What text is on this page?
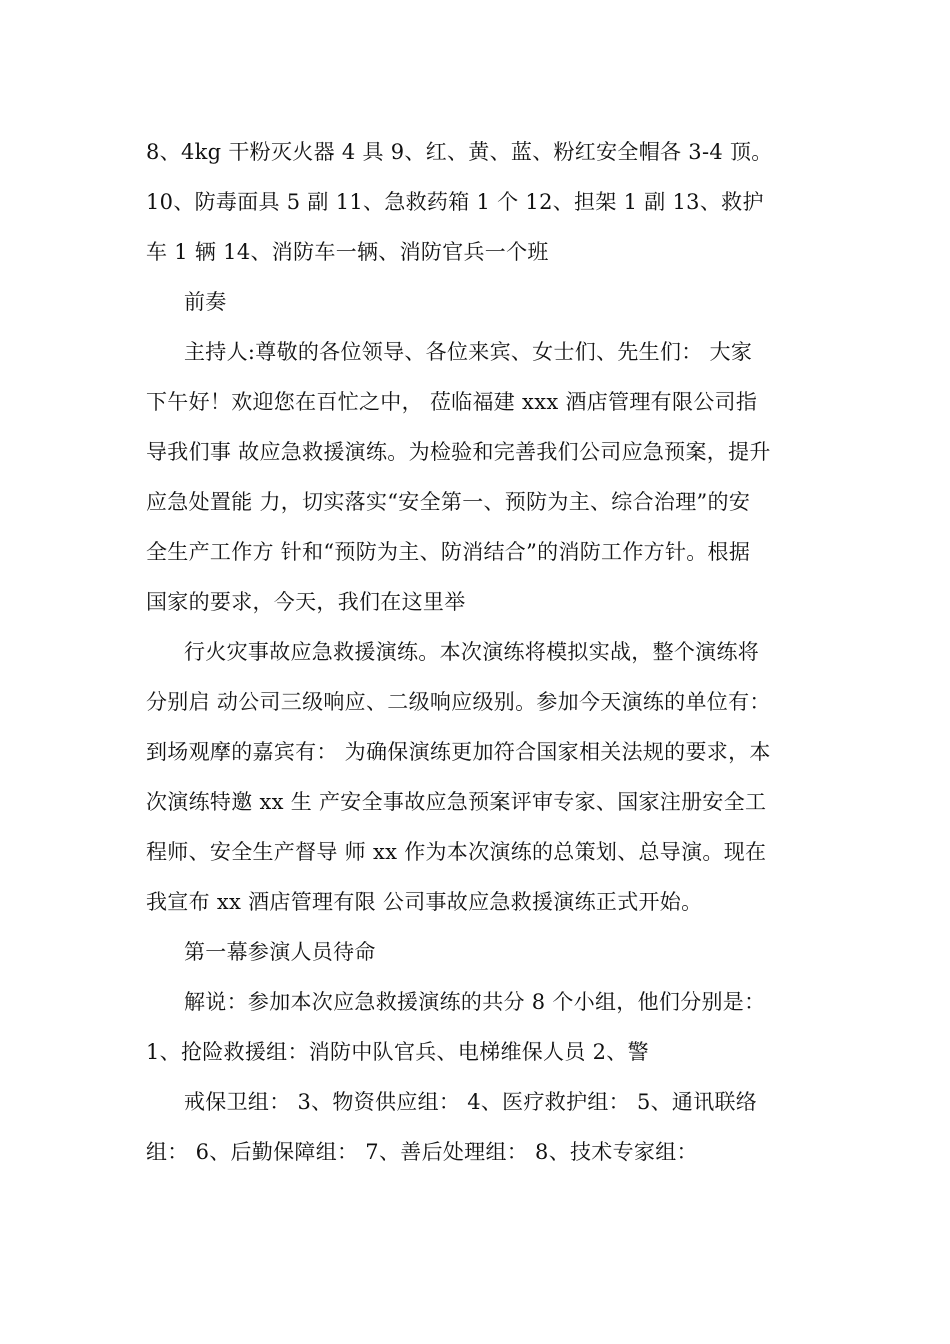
8、4kg 干粉灭火器 4 具 9、红、黄、蓝、粉红安全帽各 3-4 顶。
10、防毒面具 5 副 11、急救药箱 1 个 12、担架 1 副 13、救护
车 1 辆 14、消防车一辆、消防官兵一个班
前奏
主持人:尊敬的各位领导、各位来宾、女士们、先生们： 大家
下午好！欢迎您在百忙之中， 莅临福建 xxx 酒店管理有限公司指
导我们事 故应急救援演练。为检验和完善我们公司应急预案，提升
应急处置能 力，切实落实“安全第一、预防为主、综合治理”的安
全生产工作方 针和“预防为主、防消结合”的消防工作方针。根据
国家的要求，今天，我们在这里举
行火灾事故应急救援演练。本次演练将模拟实战，整个演练将
分别启 动公司三级响应、二级响应级别。参加今天演练的单位有：
到场观摩的嘉宾有： 为确保演练更加符合国家相关法规的要求，本
次演练特邀 xx 生 产安全事故应急预案评审专家、国家注册安全工
程师、安全生产督导 师 xx 作为本次演练的总策划、总导演。现在
我宣布 xx 酒店管理有限 公司事故应急救援演练正式开始。
第一幕参演人员待命
解说：参加本次应急救援演练的共分 8 个小组，他们分别是：
1、抢险救援组：消防中队官兵、电梯维保人员 2、警
戒保卫组： 3、物资供应组： 4、医疗救护组： 5、通讯联络
组： 6、后勤保障组： 7、善后处理组： 8、技术专家组：
